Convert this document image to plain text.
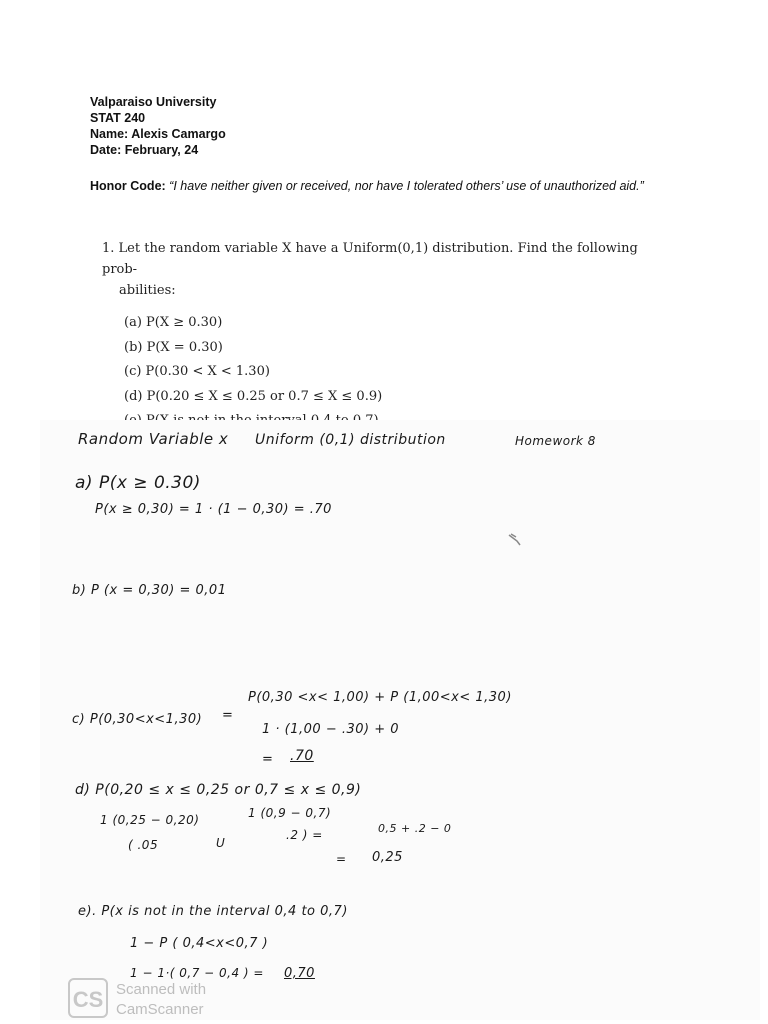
Valparaiso University
STAT 240
Name: Alexis Camargo
Date: February, 24
Honor Code: “I have neither given or received, nor have I tolerated others’ use of unauthorized aid.”

1. Let the random variable X have a Uniform(0,1) distribution. Find the following prob-

abilities:

(a) P(X ≥ 0.30)
(b) P(X = 0.30)
(c) P(0.30 < X < 1.30)
(d) P(0.20 ≤ X ≤ 0.25 or 0.7 ≤ X ≤ 0.9)
Random Variable x Uniform (0,1) distribution	Homework 8
a) P(x ≥ 0.30)
P(x ≥ 0,30) = 1 · (1 − 0,30) = .70
b) P (x = 0,30) = 0,01
c) P(0,30<x<1,30) =
P(0,30 <x< 1,00) + P (1,00<x< 1,30)
1 · (1,00 − .30) + 0
= .70
d) P(0,20 ≤ x ≤ 0,25 or 0,7 ≤ x ≤ 0,9)
1 (0,25 − 0,20)	1 (0,9 − 0,7)
( .05	U
.2 ) =	0,5 + .2 − 0
= 0,25
e). P(x is not in the interval 0,4 to 0,7)
1 − P ( 0,4<x<0,7 )
1 − 1·( 0,7 − 0,4 ) = 0,70
CS Scanned with
CamScanner
